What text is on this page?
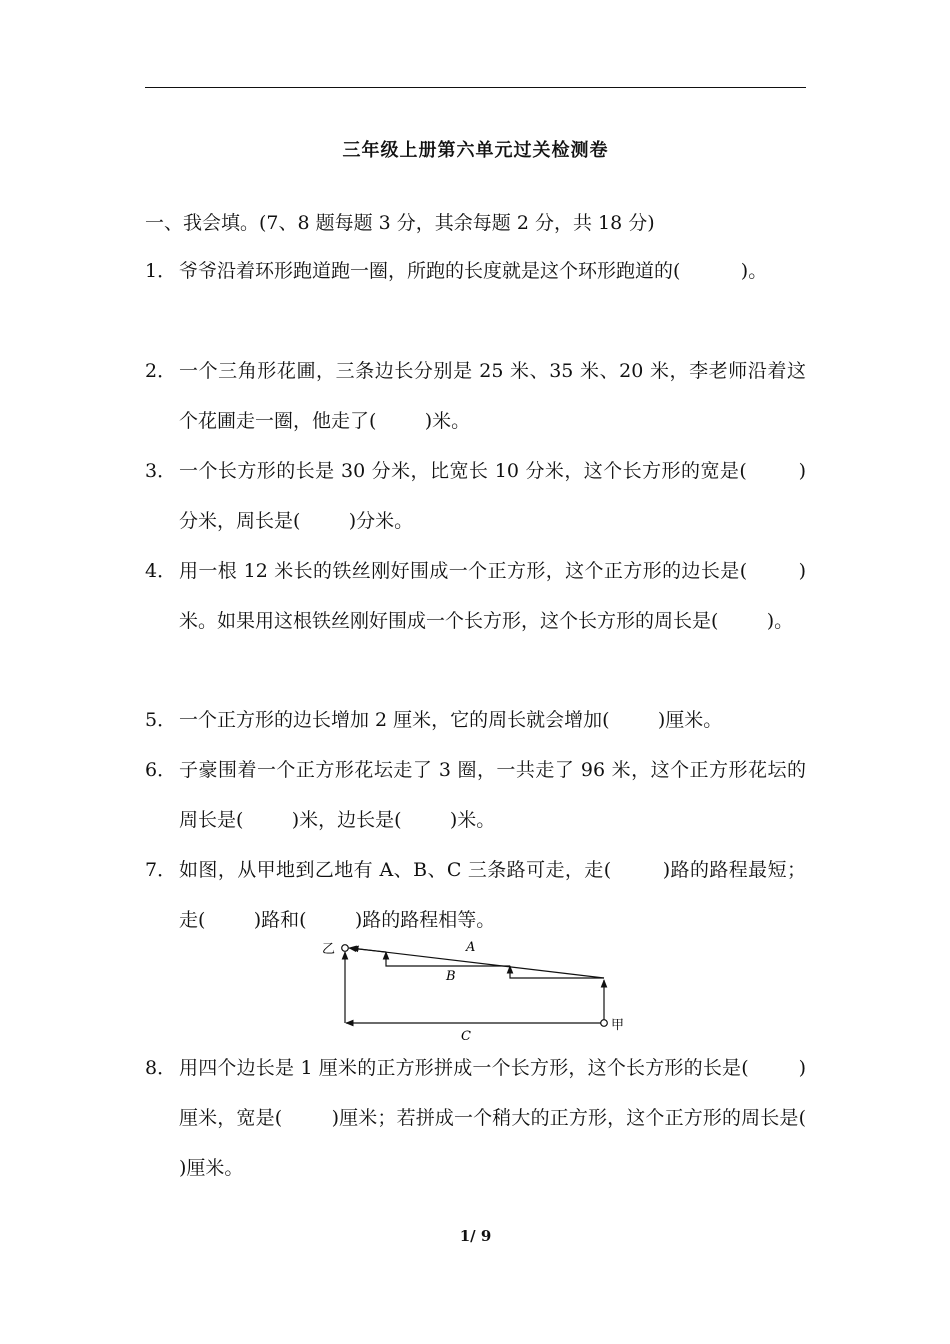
三年级上册第六单元过关检测卷
一、我会填。(7、8 题每题 3 分，其余每题 2 分，共 18 分)
1． 爷爷沿着环形跑道跑一圈，所跑的长度就是这个环形跑道的(          )。
2． 一个三角形花圃，三条边长分别是 25 米、35 米、20 米，李老师沿着这个花圃走一圈，他走了(        )米。
3． 一个长方形的长是 30 分米，比宽长 10 分米，这个长方形的宽是(        )分米，周长是(        )分米。
4． 用一根 12 米长的铁丝刚好围成一个正方形，这个正方形的边长是(        )米。如果用这根铁丝刚好围成一个长方形，这个长方形的周长是(        )。
5． 一个正方形的边长增加 2 厘米，它的周长就会增加(        )厘米。
6． 子豪围着一个正方形花坛走了 3 圈，一共走了 96 米，这个正方形花坛的周长是(        )米，边长是(        )米。
7． 如图，从甲地到乙地有 A、B、C 三条路可走，走(        )路的路程最短；走(        )路和(        )路的路程相等。
乙
甲
A
B
C
8． 用四个边长是 1 厘米的正方形拼成一个长方形，这个长方形的长是(        )厘米，宽是(        )厘米；若拼成一个稍大的正方形，这个正方形的周长是(        )厘米。
1/ 9
